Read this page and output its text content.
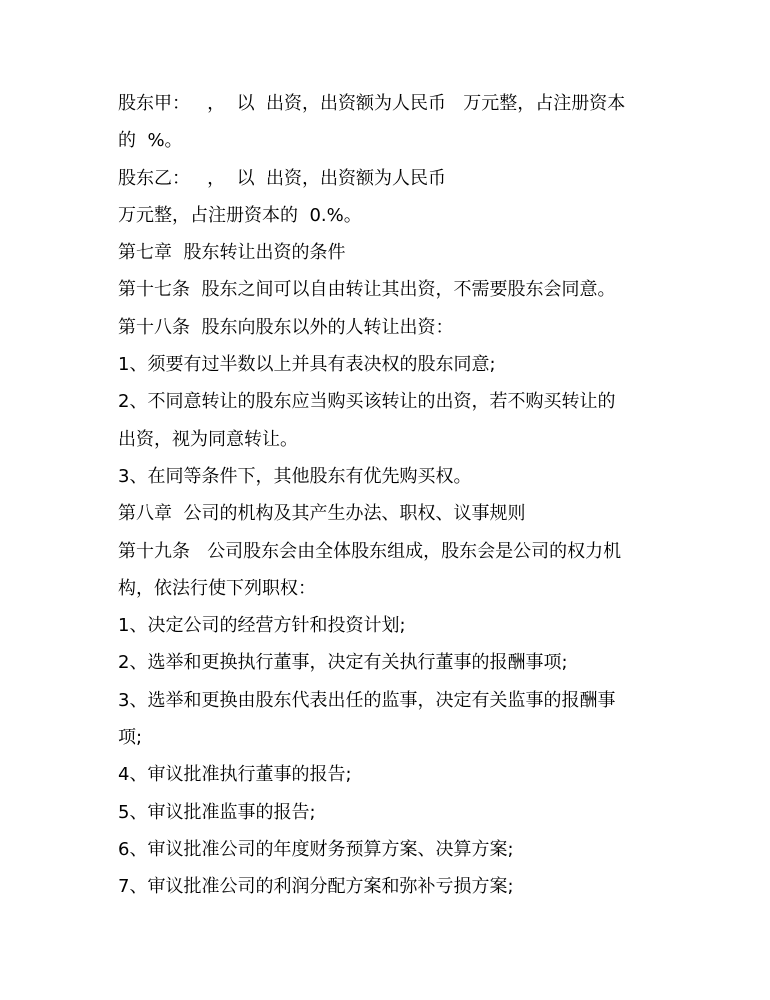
股东甲：   ，  以  出资，出资额为人民币   万元整，占注册资本

的  %。

股东乙：   ，  以  出资，出资额为人民币

万元整，占注册资本的  0.%。

第七章  股东转让出资的条件

第十七条  股东之间可以自由转让其出资，不需要股东会同意。

第十八条  股东向股东以外的人转让出资：

1、须要有过半数以上并具有表决权的股东同意;

2、不同意转让的股东应当购买该转让的出资，若不购买转让的

出资，视为同意转让。

3、在同等条件下，其他股东有优先购买权。

第八章  公司的机构及其产生办法、职权、议事规则

第十九条   公司股东会由全体股东组成，股东会是公司的权力机

构，依法行使下列职权：

1、决定公司的经营方针和投资计划;

2、选举和更换执行董事，决定有关执行董事的报酬事项;

3、选举和更换由股东代表出任的监事，决定有关监事的报酬事

项;

4、审议批准执行董事的报告;

5、审议批准监事的报告;

6、审议批准公司的年度财务预算方案、决算方案;

7、审议批准公司的利润分配方案和弥补亏损方案;
